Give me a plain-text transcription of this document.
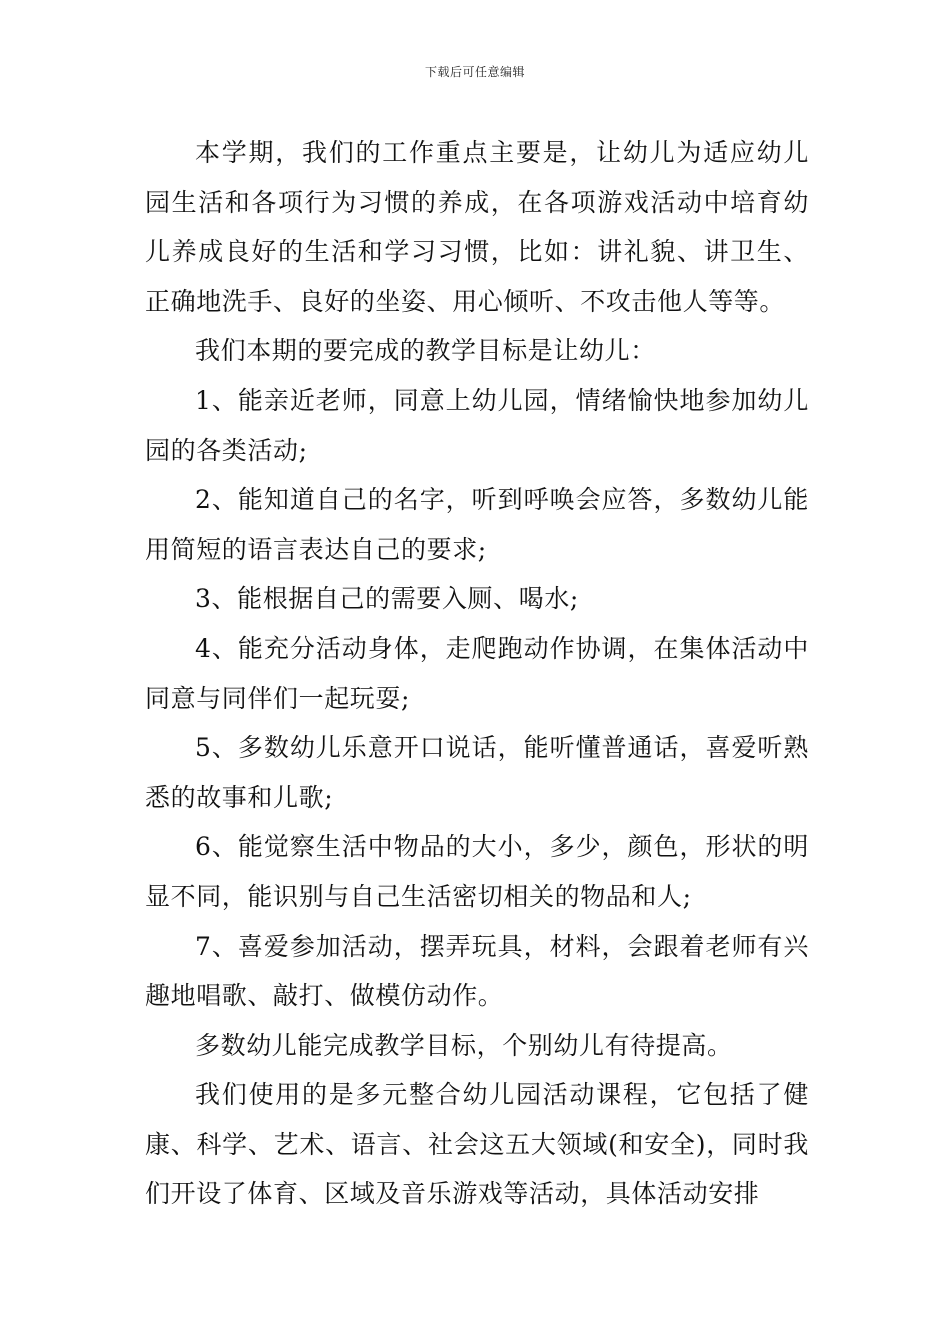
下载后可任意编辑

本学期，我们的工作重点主要是，让幼儿为适应幼儿园生活和各项行为习惯的养成，在各项游戏活动中培育幼儿养成良好的生活和学习习惯，比如：讲礼貌、讲卫生、正确地洗手、良好的坐姿、用心倾听、不攻击他人等等。

我们本期的要完成的教学目标是让幼儿：

1、能亲近老师，同意上幼儿园，情绪愉快地参加幼儿园的各类活动;

2、能知道自己的名字，听到呼唤会应答，多数幼儿能用简短的语言表达自己的要求;

3、能根据自己的需要入厕、喝水;

4、能充分活动身体，走爬跑动作协调，在集体活动中同意与同伴们一起玩耍;

5、多数幼儿乐意开口说话，能听懂普通话，喜爱听熟悉的故事和儿歌;

6、能觉察生活中物品的大小，多少，颜色，形状的明显不同，能识别与自己生活密切相关的物品和人;

7、喜爱参加活动，摆弄玩具，材料，会跟着老师有兴趣地唱歌、敲打、做模仿动作。

多数幼儿能完成教学目标，个别幼儿有待提高。

我们使用的是多元整合幼儿园活动课程，它包括了健康、科学、艺术、语言、社会这五大领域(和安全)，同时我们开设了体育、区域及音乐游戏等活动，具体活动安排
